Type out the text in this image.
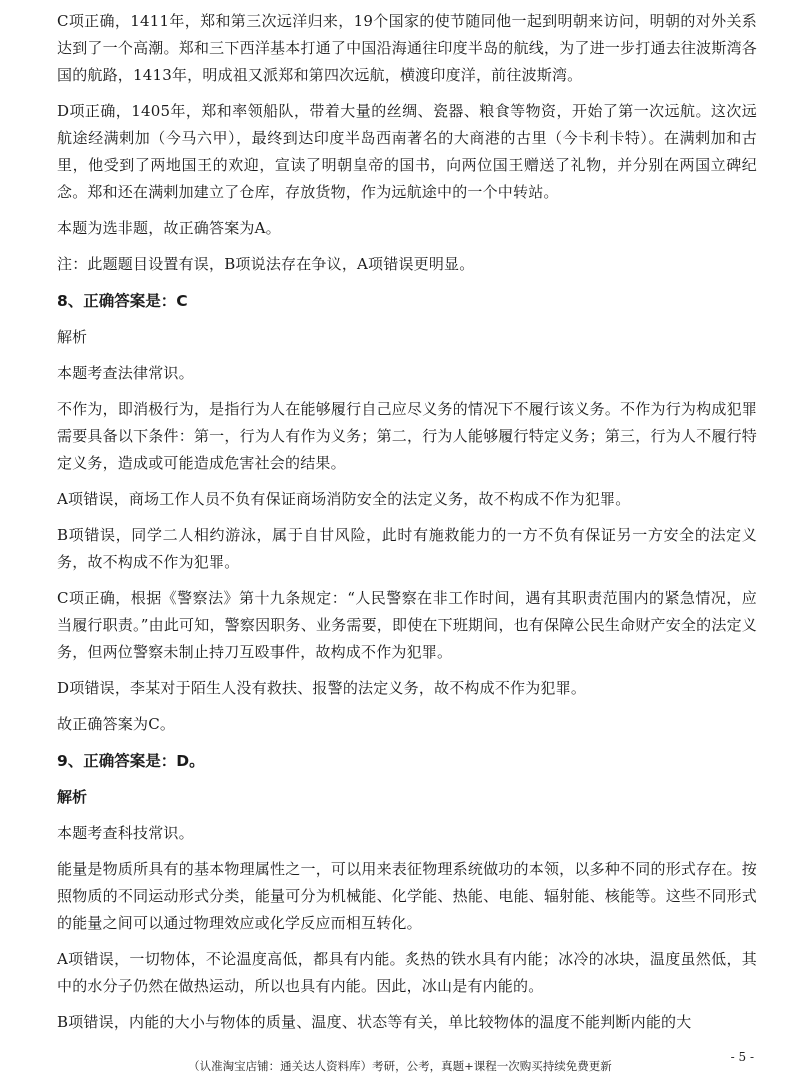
C项正确，1411年，郑和第三次远洋归来，19个国家的使节随同他一起到明朝来访问，明朝的对外关系达到了一个高潮。郑和三下西洋基本打通了中国沿海通往印度半岛的航线，为了进一步打通去往波斯湾各国的航路，1413年，明成祖又派郑和第四次远航，横渡印度洋，前往波斯湾。

D项正确，1405年，郑和率领船队，带着大量的丝绸、瓷器、粮食等物资，开始了第一次远航。这次远航途经满剌加（今马六甲），最终到达印度半岛西南著名的大商港的古里（今卡利卡特）。在满剌加和古里，他受到了两地国王的欢迎，宣读了明朝皇帝的国书，向两位国王赠送了礼物，并分别在两国立碑纪念。郑和还在满剌加建立了仓库，存放货物，作为远航途中的一个中转站。

本题为选非题，故正确答案为A。

注：此题题目设置有误，B项说法存在争议，A项错误更明显。

8、正确答案是：C
解析

本题考查法律常识。

不作为，即消极行为，是指行为人在能够履行自己应尽义务的情况下不履行该义务。不作为行为构成犯罪需要具备以下条件：第一，行为人有作为义务；第二，行为人能够履行特定义务；第三，行为人不履行特定义务，造成或可能造成危害社会的结果。

A项错误，商场工作人员不负有保证商场消防安全的法定义务，故不构成不作为犯罪。

B项错误，同学二人相约游泳，属于自甘风险，此时有施救能力的一方不负有保证另一方安全的法定义务，故不构成不作为犯罪。

C项正确，根据《警察法》第十九条规定：“人民警察在非工作时间，遇有其职责范围内的紧急情况，应当履行职责。”由此可知，警察因职务、业务需要，即使在下班期间，也有保障公民生命财产安全的法定义务，但两位警察未制止持刀互殴事件，故构成不作为犯罪。

D项错误，李某对于陌生人没有救扶、报警的法定义务，故不构成不作为犯罪。

故正确答案为C。

9、正确答案是：D。
解析

本题考查科技常识。

能量是物质所具有的基本物理属性之一，可以用来表征物理系统做功的本领，以多种不同的形式存在。按照物质的不同运动形式分类，能量可分为机械能、化学能、热能、电能、辐射能、核能等。这些不同形式的能量之间可以通过物理效应或化学反应而相互转化。

A项错误，一切物体，不论温度高低，都具有内能。炙热的铁水具有内能；冰冷的冰块，温度虽然低，其中的水分子仍然在做热运动，所以也具有内能。因此，冰山是有内能的。

B项错误，内能的大小与物体的质量、温度、状态等有关，单比较物体的温度不能判断内能的大

- 5 -
（认准淘宝店铺：通关达人资料库）考研，公考，真题+课程一次购买持续免费更新
